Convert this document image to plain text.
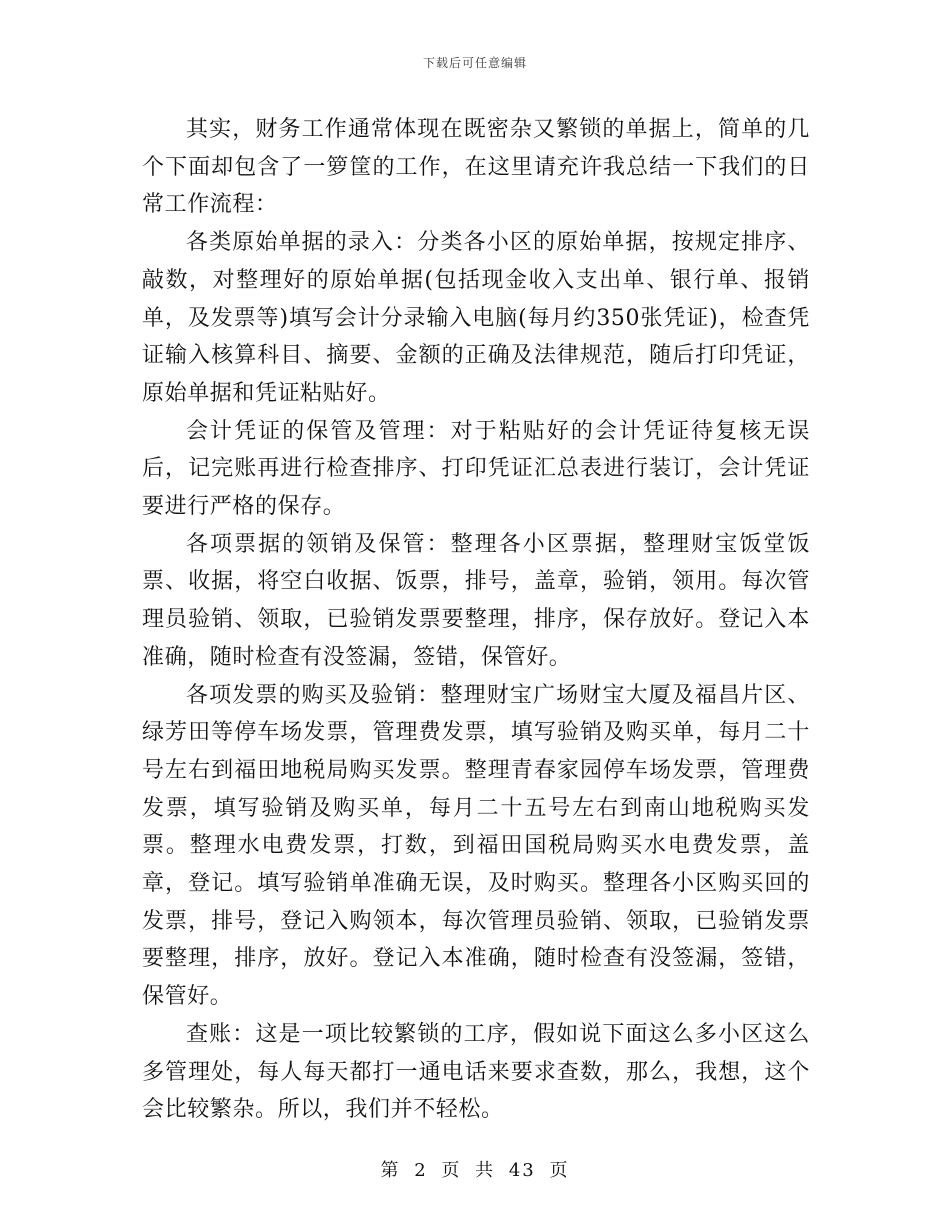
下载后可任意编辑

其实，财务工作通常体现在既密杂又繁锁的单据上，简单的几个下面却包含了一箩筐的工作，在这里请充许我总结一下我们的日常工作流程：

各类原始单据的录入：分类各小区的原始单据，按规定排序、敲数，对整理好的原始单据(包括现金收入支出单、银行单、报销单，及发票等)填写会计分录输入电脑(每月约350张凭证)，检查凭证输入核算科目、摘要、金额的正确及法律规范，随后打印凭证，原始单据和凭证粘贴好。

会计凭证的保管及管理：对于粘贴好的会计凭证待复核无误后，记完账再进行检查排序、打印凭证汇总表进行装订，会计凭证要进行严格的保存。

各项票据的领销及保管：整理各小区票据，整理财宝饭堂饭票、收据，将空白收据、饭票，排号，盖章，验销，领用。每次管理员验销、领取，已验销发票要整理，排序，保存放好。登记入本准确，随时检查有没签漏，签错，保管好。

各项发票的购买及验销：整理财宝广场财宝大厦及福昌片区、绿芳田等停车场发票，管理费发票，填写验销及购买单，每月二十号左右到福田地税局购买发票。整理青春家园停车场发票，管理费发票，填写验销及购买单，每月二十五号左右到南山地税购买发票。整理水电费发票，打数，到福田国税局购买水电费发票，盖章，登记。填写验销单准确无误，及时购买。整理各小区购买回的发票，排号，登记入购领本，每次管理员验销、领取，已验销发票要整理，排序，放好。登记入本准确，随时检查有没签漏，签错，保管好。

查账：这是一项比较繁锁的工序，假如说下面这么多小区这么多管理处，每人每天都打一通电话来要求查数，那么，我想，这个会比较繁杂。所以，我们并不轻松。

第 2 页 共 43 页
